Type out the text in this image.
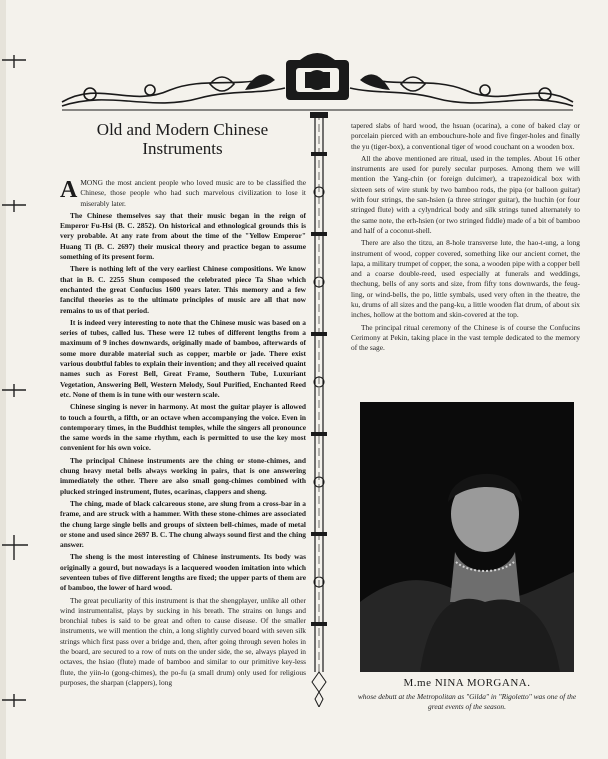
Old and Modern Chinese
Instruments

AMONG the most ancient people who loved music are to be classified the Chinese, those people who had such marvelous civilization to lose it miserably later.

The Chinese themselves say that their music began in the reign of Emperor Fu-Hsi (B. C. 2852). On historical and ethnological grounds this is very probable. At any rate from about the time of the "Yellow Emperor" Huang Ti (B. C. 2697) their musical theory and practice began to assume something of its present form.

There is nothing left of the very earliest Chinese compositions. We know that in B. C. 2255 Shun composed the celebrated piece Ta Shao which enchanted the great Confucius 1600 years later. This memory and a few fanciful theories as to the ultimate principles of music are all that now remains to us of that period.

It is indeed very interesting to note that the Chinese music was based on a series of tubes, called lus. These were 12 tubes of different lengths from a maximum of 9 inches downwards, originally made of bamboo, afterwards of some more durable material such as copper, marble or jade. There exist various doubtful fables to explain their invention; and they all received quaint names such as Forest Bell, Great Frame, Southern Tube, Luxuriant Vegetation, Answering Bell, Western Melody, Soul Purified, Enchanted Reed etc. None of them is in tune with our western scale.

Chinese singing is never in harmony. At most the guitar player is allowed to touch a fourth, a fifth, or an octave when accompanying the voice. Even in contemporary times, in the Buddhist temples, while the singers all pronounce the same words in the same rhythm, each is permitted to use the key most convenient for his own voice.

The principal Chinese instruments are the ching or stone-chimes, and chung heavy metal bells always working in pairs, that is one answering immediately the other. There are also small gong-chimes combined with plucked stringed instrument, flutes, ocarinas, clappers and sheng.

The ching, made of black calcareous stone, are slung from a cross-bar in a frame, and are struck with a hammer. With these stone-chimes are associated the chung large single bells and groups of sixteen bell-chimes, made of metal or stone and used since 2697 B. C. The chung always sound first and the ching answer.

The sheng is the most interesting of Chinese instruments. Its body was originally a gourd, but nowadays is a lacquered wooden imitation into which seventeen tubes of five different lengths are fixed; the upper parts of them are of bamboo, the lower of hard wood.

The great peculiarity of this instrument is that the shengplayer, unlike all other wind instrumentalist, plays by sucking in his breath. The strains on lungs and bronchial tubes is said to be great and often to cause disease. Of the smaller instruments, we will mention the chin, a long slightly curved board with seven silk strings which first pass over a bridge and, then, after going through seven holes in the board, are secured to a row of nuts on the under side, the se, always played in octaves, the hsiao (flute) made of bamboo and similar to our primitive key-less flute, the yiin-lo (gong-chimes), the po-fu (a small drum) only used for religious purposes, the sharpan (clappers), long

tapered slabs of hard wood, the hsuan (ocarina), a cone of baked clay or porcelain pierced with an embouchure-hole and five finger-holes and finally the yu (tiger-box), a conventional tiger of wood couchant on a wooden box.

All the above mentioned are ritual, used in the temples. About 16 other instruments are used for purely secular purposes. Among them we will mention the Yang-chin (or foreign dulcimer), a trapezoidical box with sixteen sets of wire stunk by two bamboo rods, the pipa (or balloon guitar) with four strings, the san-hsien (a three stringer guitar), the huchin (or four stringed flute) with a cylyndrical body and silk strings tuned alternately to the same note, the erh-hsien (or two stringed fiddle) made of a bit of bamboo and half of a coconut-shell.

There are also the titzu, an 8-hole transverse lute, the hao-t-ung, a long instrument of wood, copper covered, something like our ancient cornet, the lapa, a military trumpet of copper, the sona, a wooden pipe with a copper bell and a coarse double-reed, used especially at funerals and weddings, thechung, bells of any sorts and size, from fifty tons downwards, the feug-ling, or wind-bells, the po, little symbals, used very often in the theatre, the ku, drums of all sizes and the pang-ku, a little wooden flat drum, of about six inches, hollow at the bottom and skin-covered at the top.

The principal ritual ceremony of the Chinese is of course the Confucins Cerimony at Pekin, taking place in the vast temple dedicated to the memory of the sage.

M.me NINA MORGANA.
whose debutt at the Metropolitan as "Gilda" in "Rigoletto" was one of the great events of the season.
